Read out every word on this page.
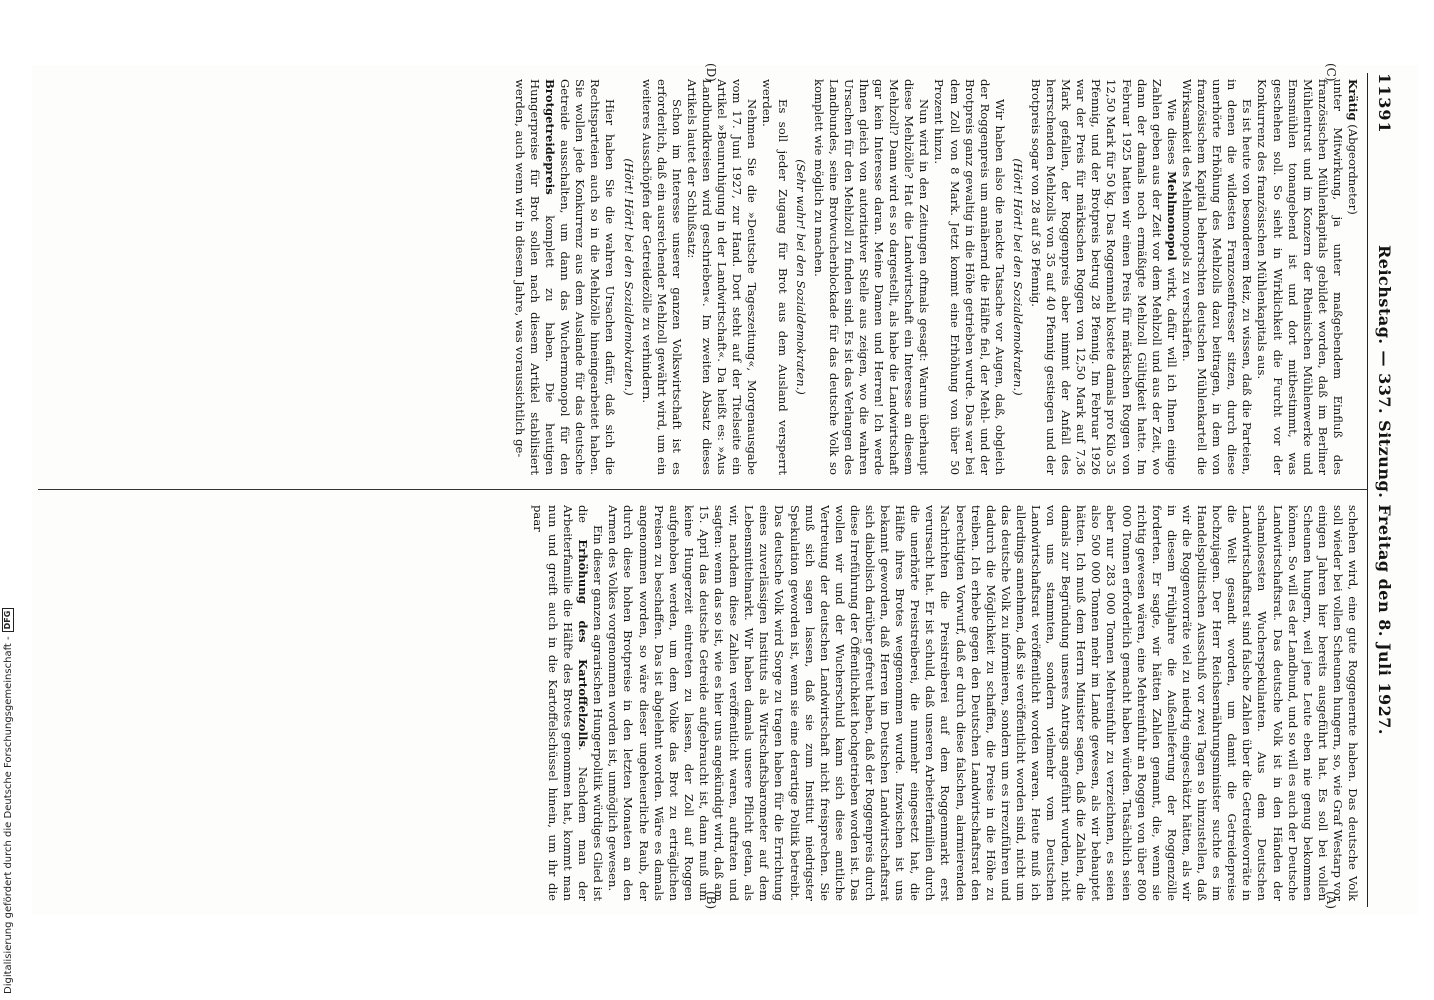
Digitalisierung gefördert durch die Deutsche Forschungsgemeinschaft -
DFG
11391
Reichstag. — 337. Sitzung. Freitag den 8. Juli 1927.
(C)
(D)
(A)
(B)

Krätig (Abgeordneter)

unter Mitwirkung, ja unter maßgebendem Einfluß des französischen Mühlenkapitals gebildet worden, daß im Berliner Mühlentrust und im Konzern der Rheinischen Mühlenwerke und Emsmühlen tonangebend ist und dort mitbestimmt, was geschehen soll. So sieht in Wirklichkeit die Furcht vor der Konkurrenz des französischen Mühlenkapitals aus.

Es ist heute von besonderem Reiz, zu wissen, daß die Parteien, in denen die wildesten Franzosenfresser sitzen, durch diese unerhörte Erhöhung des Mehlzolls dazu beitragen, in dem von französischem Kapital beherrschten deutschen Mühlenkartell die Wirksamkeit des Mehlmonopols zu verschärfen.

Wie dieses Mehlmonopol wirkt, dafür will ich Ihnen einige Zahlen geben aus der Zeit vor dem Mehlzoll und aus der Zeit, wo dann der damals noch ermäßigte Mehlzoll Gültigkeit hatte. Im Februar 1925 hatten wir einen Preis für märkischen Roggen von 12,50 Mark für 50 kg. Das Roggenmehl kostete damals pro Kilo 35 Pfennig, und der Brotpreis betrug 28 Pfennig. Im Februar 1926 war der Preis für märkischen Roggen von 12,50 Mark auf 7,36 Mark gefallen, der Roggenpreis aber nimmt der Anfall des herrschenden Mehlzolls von 35 auf 40 Pfennig gestiegen und der Brotpreis sogar von 28 auf 36 Pfennig.

(Hört! Hört! bei den Sozialdemokraten.)

Wir haben also die nackte Tatsache vor Augen, daß, obgleich der Roggenpreis um annähernd die Hälfte fiel, der Mehl- und der Brotpreis ganz gewaltig in die Höhe getrieben wurde. Das war bei dem Zoll von 8 Mark. Jetzt kommt eine Erhöhung von über 50 Prozent hinzu.

Nun wird in den Zeitungen oftmals gesagt: Warum überhaupt diese Mehlzölle? Hat die Landwirtschaft ein Interesse an diesem Mehlzoll? Dann wird es so dargestellt, als habe die Landwirtschaft gar kein Interesse daran. Meine Damen und Herren! Ich werde Ihnen gleich von autoritativer Stelle aus zeigen, wo die wahren Ursachen für den Mehlzoll zu finden sind. Es ist das Verlangen des Landbundes, seine Brotwucherblockade für das deutsche Volk so komplett wie möglich zu machen.

(Sehr wahr! bei den Sozialdemokraten.)

Es soll jeder Zugang für Brot aus dem Ausland versperrt werden.

Nehmen Sie die »Deutsche Tageszeitung«, Morgenausgabe vom 17. Juni 1927, zur Hand. Dort steht auf der Titelseite ein Artikel »Beunruhigung in der Landwirtschaft«. Da heißt es: »Aus Landbundkreisen wird geschrieben«. Im zweiten Absatz dieses Artikels lautet der Schlußsatz:

Schon im Interesse unserer ganzen Volkswirtschaft ist es erforderlich, daß ein ausreichender Mehlzoll gewährt wird, um ein weiteres Ausschöpfen der Getreidezölle zu verhindern.

(Hört! Hört! bei den Sozialdemokraten.)

Hier haben Sie die wahren Ursachen dafür, daß sich die Rechtsparteien auch so in die Mehlzölle hineingearbeitet haben. Sie wollen jede Konkurrenz aus dem Auslande für das deutsche Getreide ausschalten, um dann das Wuchermonopol für den Brotgetreidepreis komplett zu haben. Die heutigen Hungerpreise für Brot sollen nach diesem Artikel stabilisiert werden, auch wenn wir in diesem Jahre, was voraussichtlich ge-

schehen wird, eine gute Roggenernte haben. Das deutsche Volk soll wieder bei vollen Scheunen hungern, so, wie Graf Westarp vor einigen Jahren hier bereits ausgeführt hat. Es soll bei vollen Scheunen hungern, weil jene Leute eben nie genug bekommen können. So will es der Landbund, und so will es auch der Deutsche Landwirtschaftsrat. Das deutsche Volk ist in den Händen der schamlosesten Wucherspekulanten. Aus dem Deutschen Landwirtschaftsrat sind falsche Zahlen über die Getreidevorräte in die Welt gesandt worden, um damit die Getreidepreise hochzujagen. Der Herr Reichsernährungsminister suchte es im Handelspolitischen Ausschuß vor zwei Tagen so hinzustellen, daß wir die Roggenvorräte viel zu niedrig eingeschätzt hätten, als wir in diesem Frühjahre die Außenlieferung der Roggenzölle forderten. Er sagte, wir hätten Zahlen genannt, die, wenn sie richtig gewesen wären, eine Mehreinfuhr an Roggen von über 800 000 Tonnen erforderlich gemacht haben würden. Tatsächlich seien aber nur 283 000 Tonnen Mehreinfuhr zu verzeichnen, es seien also 500 000 Tonnen mehr im Lande gewesen, als wir behauptet hätten. Ich muß dem Herrn Minister sagen, daß die Zahlen, die damals zur Begründung unseres Antrags angeführt wurden, nicht von uns stammten, sondern vielmehr vom Deutschen Landwirtschaftsrat veröffentlicht worden waren. Heute muß ich allerdings annehmen, daß sie veröffentlicht worden sind, nicht um das deutsche Volk zu informieren, sondern um es irrezuführen und dadurch die Möglichkeit zu schaffen, die Preise in die Höhe zu treiben. Ich erhebe gegen den Deutschen Landwirtschaftsrat den berechtigten Vorwurf, daß er durch diese falschen, alarmierenden Nachrichten die Preistreiberei auf dem Roggenmarkt erst verursacht hat. Er ist schuld, daß unseren Arbeiterfamilien durch die unerhörte Preistreiberei, die nunmehr eingesetzt hat, die Hälfte ihres Brotes weggenommen wurde. Inzwischen ist uns bekannt geworden, daß Herren im Deutschen Landwirtschaftsrat sich diabolisch darüber gefreut haben, daß der Roggenpreis durch diese Irreführung der Öffentlichkeit hochgetrieben worden ist. Das wollen wir und der Wucherschuld kann sich diese amtliche Vertretung der deutschen Landwirtschaft nicht freisprechen. Sie muß sich sagen lassen, daß sie zum Institut niedrigster Spekulation geworden ist, wenn sie eine derartige Politik betreibt. Das deutsche Volk wird Sorge zu tragen haben für die Errichtung eines zuverlässigen Instituts als Wirtschaftsbarometer auf dem Lebensmittelmarkt. Wir haben damals unsere Pflicht getan, als wir, nachdem diese Zahlen veröffentlicht waren, auftraten und sagten: wenn das so ist, wie es hier uns angekündigt wird, daß am 15. April das deutsche Getreide aufgebraucht ist, dann muß um keine Hungerzeit eintreten zu lassen, der Zoll auf Roggen aufgehoben werden, um dem Volke das Brot zu erträglichen Preisen zu beschaffen. Das ist abgelehnt worden. Wäre es damals angenommen worden, so wäre dieser ungeheuerliche Raub, der durch diese hohen Brotpreise in den letzten Monaten an den Armen des Volkes vorgenommen worden ist, unmöglich gewesen.

Ein dieser ganzen agrarischen Hungerpolitik würdiges Glied ist die Erhöhung des Kartoffelzolls. Nachdem man der Arbeiterfamilie die Hälfte des Brotes genommen hat, kommt man nun und greift auch in die Kartoffelschüssel hinein, um ihr die paar
